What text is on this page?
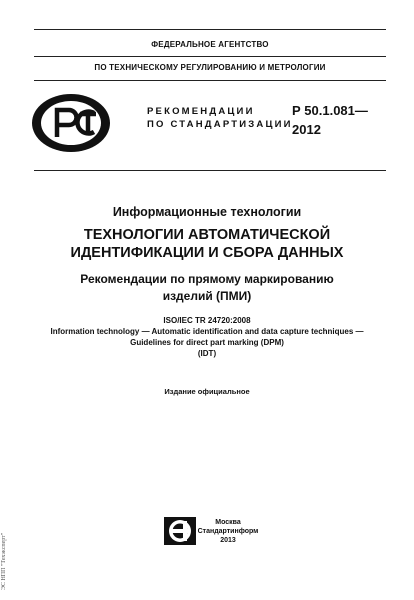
ФЕДЕРАЛЬНОЕ АГЕНТСТВО
ПО ТЕХНИЧЕСКОМУ РЕГУЛИРОВАНИЮ И МЕТРОЛОГИИ
РЕКОМЕНДАЦИИ
ПО СТАНДАРТИЗАЦИИ
Р 50.1.081—
2012
Информационные технологии
ТЕХНОЛОГИИ АВТОМАТИЧЕСКОЙ
ИДЕНТИФИКАЦИИ И СБОРА ДАННЫХ
Рекомендации по прямому маркированию
изделий (ПМИ)
ISO/IEC TR 24720:2008
Information technology — Automatic identification and data capture techniques —
Guidelines for direct part marking (DPM)
(IDT)
Издание официальное
Москва
Стандартинформ
2013
ЭС НПП "Техэксперт"
